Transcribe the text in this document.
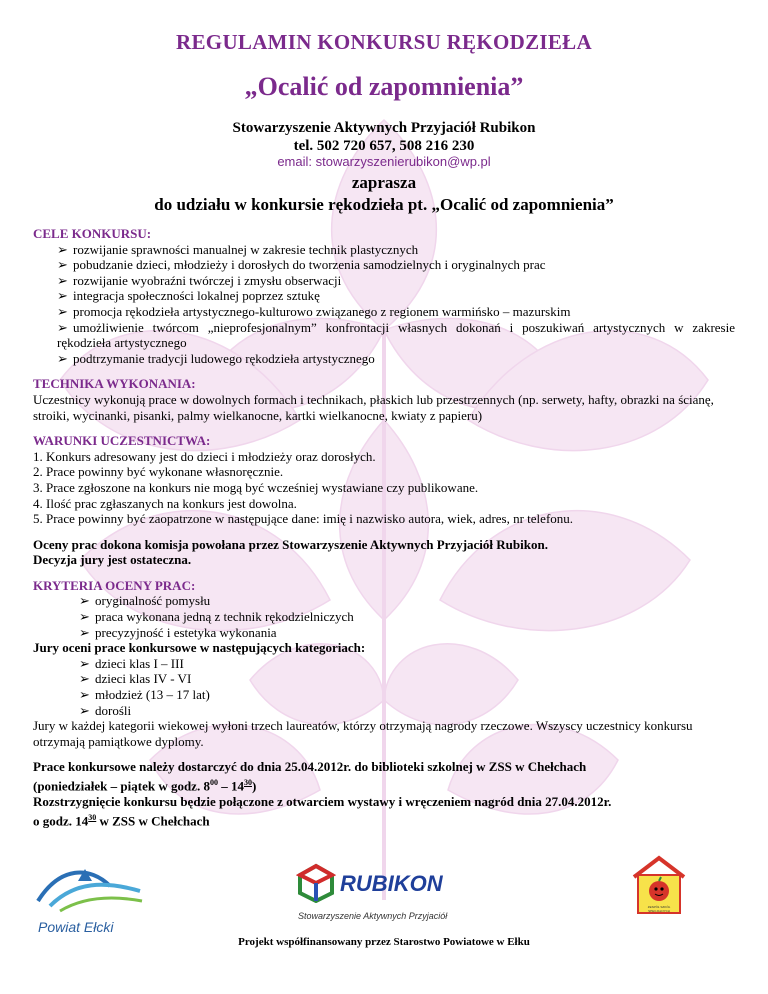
REGULAMIN KONKURSU RĘKODZIEŁA
„Ocalić od zapomnienia”
Stowarzyszenie Aktywnych Przyjaciół Rubikon
tel. 502 720 657, 508 216 230
email: stowarzyszenierubikon@wp.pl
zaprasza
do udziału w konkursie rękodzieła pt. „Ocalić od zapomnienia”
CELE KONKURSU:
➢ rozwijanie sprawności manualnej w zakresie technik plastycznych
➢ pobudzanie dzieci, młodzieży i dorosłych do tworzenia samodzielnych i oryginalnych prac
➢ rozwijanie wyobraźni twórczej i zmysłu obserwacji
➢ integracja społeczności lokalnej poprzez sztukę
➢ promocja rękodzieła artystycznego-kulturowo związanego z regionem warmińsko – mazurskim
➢ umożliwienie twórcom „nieprofesjonalnym” konfrontacji własnych dokonań i poszukiwań artystycznych w zakresie rękodzieła artystycznego
➢ podtrzymanie tradycji ludowego rękodzieła artystycznego
TECHNIKA WYKONANIA:
Uczestnicy wykonują prace w dowolnych formach i technikach, płaskich lub przestrzennych (np. serwety, hafty, obrazki na ścianę, stroiki, wycinanki, pisanki, palmy wielkanocne, kartki wielkanocne, kwiaty z papieru)
WARUNKI UCZESTNICTWA:
1. Konkurs adresowany jest do dzieci i młodzieży oraz dorosłych.
2. Prace powinny być wykonane własnoręcznie.
3. Prace zgłoszone na konkurs nie mogą być wcześniej wystawiane czy publikowane.
4. Ilość prac zgłaszanych na konkurs jest dowolna.
5. Prace powinny być zaopatrzone w następujące dane: imię i nazwisko autora, wiek, adres, nr telefonu.
Oceny prac dokona komisja powołana przez Stowarzyszenie Aktywnych Przyjaciół Rubikon.
Decyzja jury jest ostateczna.
KRYTERIA OCENY PRAC:
➢ oryginalność pomysłu
➢ praca wykonana jedną z technik rękodzielniczych
➢ precyzyjność i estetyka wykonania
Jury oceni prace konkursowe w następujących kategoriach:
➢ dzieci klas I – III
➢ dzieci klas IV - VI
➢ młodzież (13 – 17 lat)
➢ dorośli
Jury w każdej kategorii wiekowej wyłoni trzech laureatów, którzy otrzymają nagrody rzeczowe. Wszyscy uczestnicy konkursu otrzymają pamiątkowe dyplomy.
Prace konkursowe należy dostarczyć do dnia 25.04.2012r. do biblioteki szkolnej w ZSS w Chełchach
(poniedziałek – piątek w godz. $8^{00} - 14^{30}$)
Rozstrzygnięcie konkursu będzie połączone z otwarciem wystawy i wręczeniem nagród dnia 27.04.2012r.
o godz. $14^{30}$ w ZSS w Chełchach
Powiat Ełcki
RUBIKON
Stowarzyszenie Aktywnych Przyjaciół
ZESPÓŁ SZKÓŁ SPECJALNYCH
Projekt współfinansowany przez Starostwo Powiatowe w Ełku
